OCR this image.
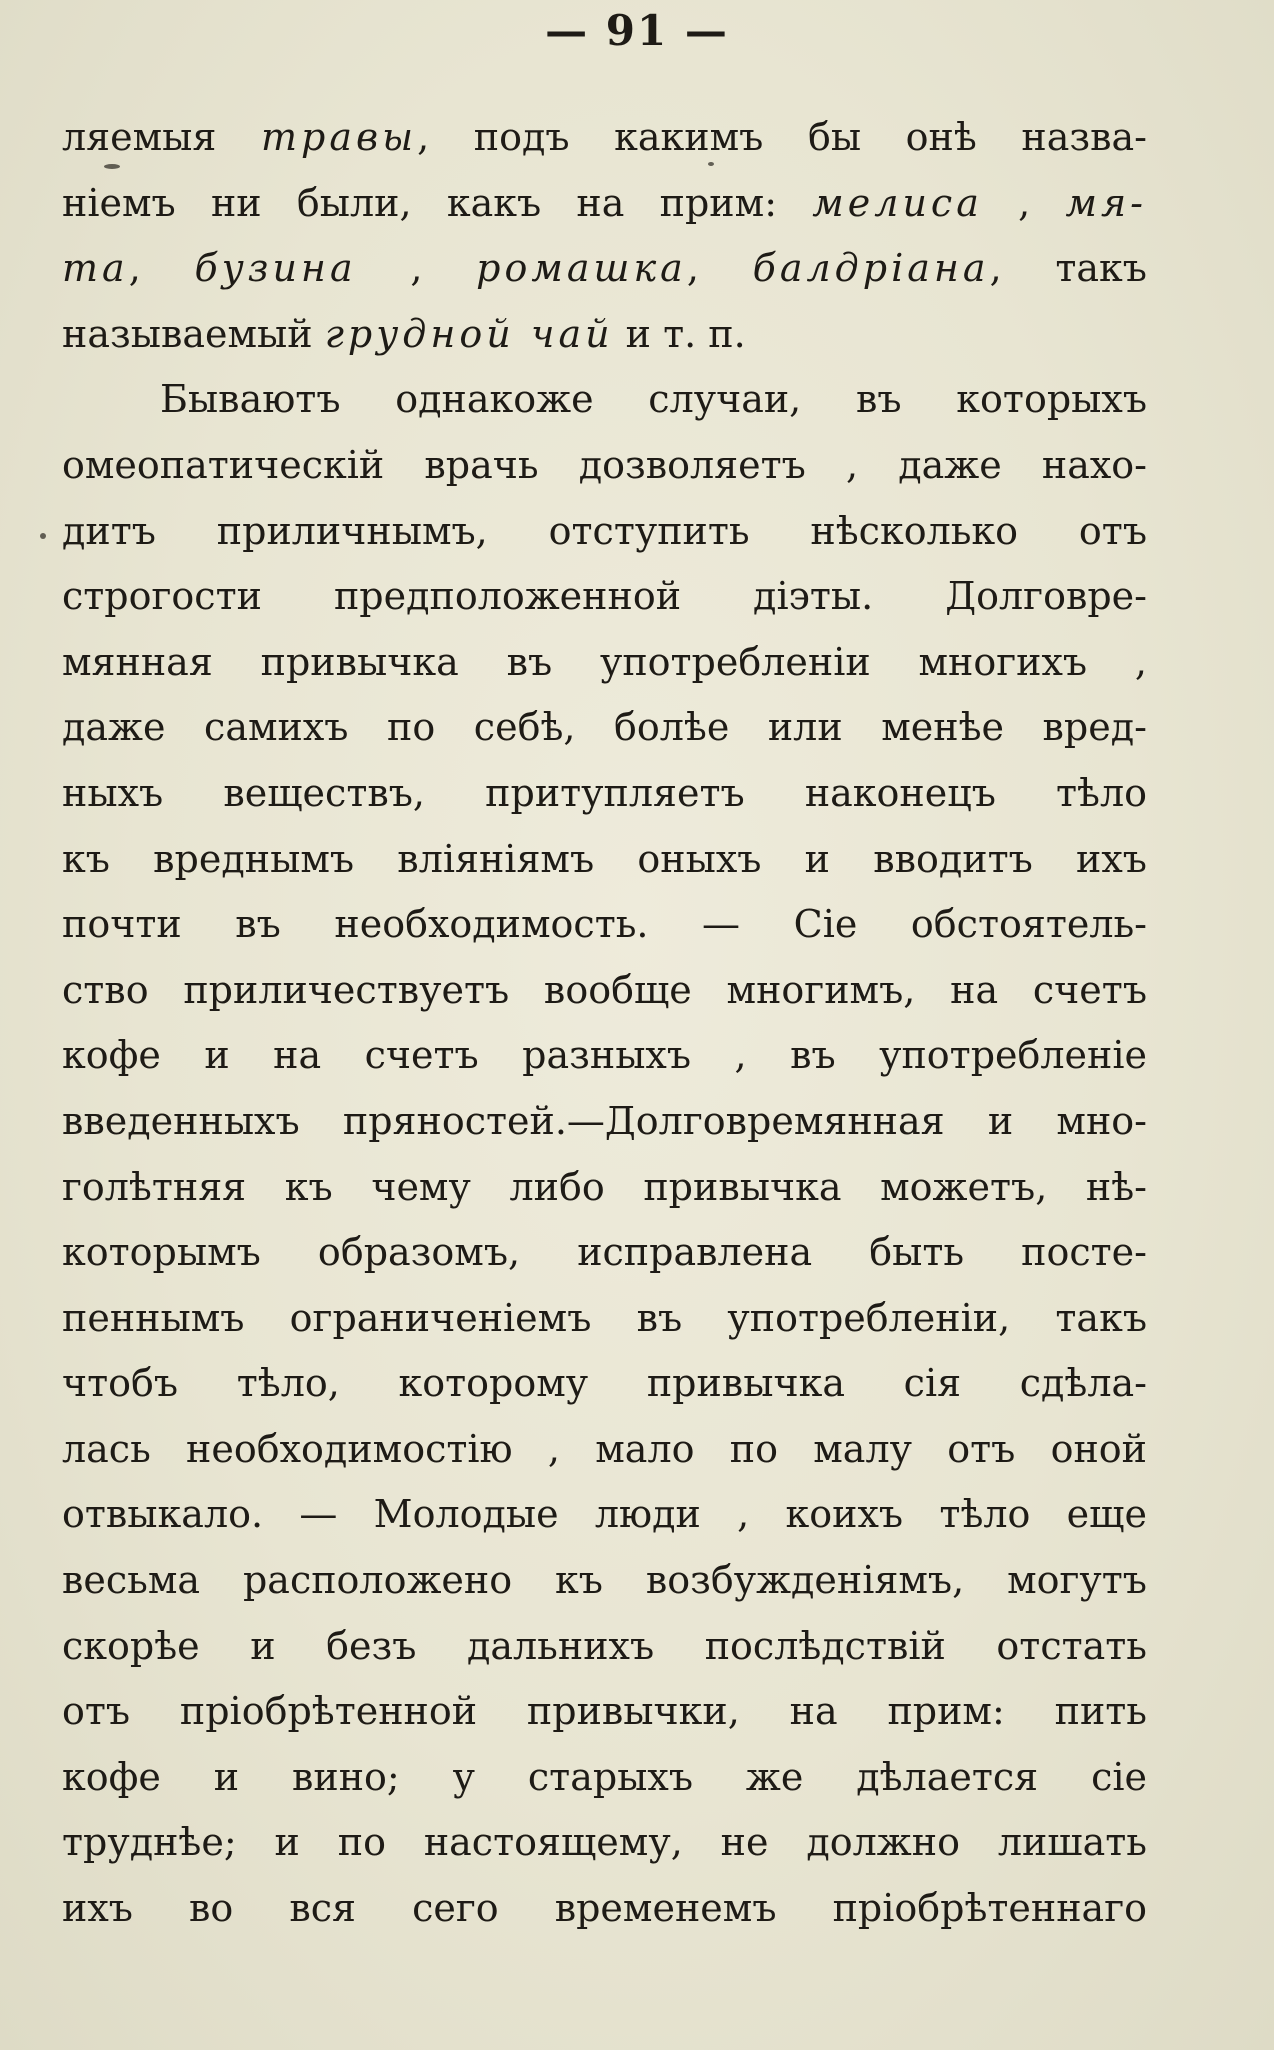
— 91 —
ляемыя травы, подъ какимъ бы онѣ назва-
нiемъ ни были, какъ на прим: мелиса , мя-
та, бузина , ромашка, балдрiана, такъ
называемый грудной чай и т. п.
Бываютъ однакоже случаи, въ которыхъ
омеопатическiй врачь дозволяетъ , даже нахо-
дитъ приличнымъ, отступить нѣсколько отъ
строгости предположенной дiэты. Долговре-
мянная привычка въ употребленiи многихъ ,
даже самихъ по себѣ, болѣе или менѣе вред-
ныхъ веществъ, притупляетъ наконецъ тѣло
къ вреднымъ влiянiямъ оныхъ и вводитъ ихъ
почти въ необходимость. — Сiе обстоятель-
ство приличествуетъ вообще многимъ, на счетъ
кофе и на счетъ разныхъ , въ употребленiе
введенныхъ пряностей.—Долговремянная и мно-
голѣтняя къ чему либо привычка можетъ, нѣ-
которымъ образомъ, исправлена быть посте-
пеннымъ ограниченiемъ въ употребленiи, такъ
чтобъ тѣло, которому привычка сiя сдѣла-
лась необходимостiю , мало по малу отъ оной
отвыкало. — Молодые люди , коихъ тѣло еще
весьма расположено къ возбужденiямъ, могутъ
скорѣе и безъ дальнихъ послѣдствiй отстать
отъ прiобрѣтенной привычки, на прим: пить
кофе и вино; у старыхъ же дѣлается сiе
труднѣе; и по настоящему, не должно лишать
ихъ во вся сего временемъ прiобрѣтеннаго
